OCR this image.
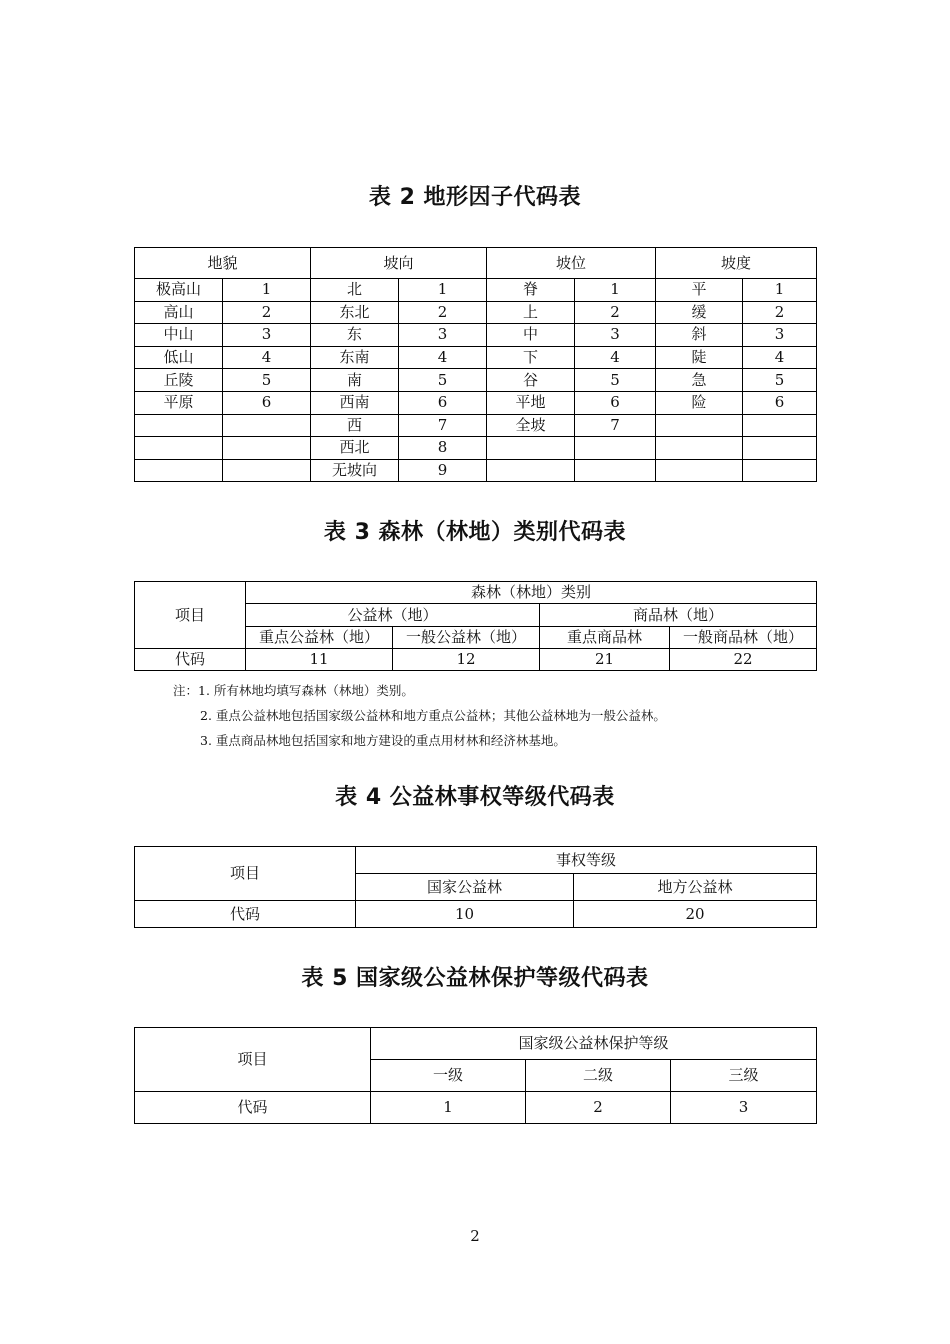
表 2 地形因子代码表
地貌		坡向		坡位		坡度	
极高山	1	北	1	脊	1	平	1
高山	2	东北	2	上	2	缓	2
中山	3	东	3	中	3	斜	3
低山	4	东南	4	下	4	陡	4
丘陵	5	南	5	谷	5	急	5
平原	6	西南	6	平地	6	险	6
		西	7	全坡	7		
		西北	8				
		无坡向	9				
表 3 森林（林地）类别代码表
项目	森林（林地）类别			
	公益林（地）		商品林（地）	
	重点公益林（地）	一般公益林（地）	重点商品林	一般商品林（地）
代码	11	12	21	22
注：1. 所有林地均填写森林（林地）类别。
2. 重点公益林地包括国家级公益林和地方重点公益林；其他公益林地为一般公益林。
3. 重点商品林地包括国家和地方建设的重点用材林和经济林基地。
表 4 公益林事权等级代码表
项目	事权等级	
	国家公益林	地方公益林
代码	10	20
表 5 国家级公益林保护等级代码表
项目	国家级公益林保护等级		
	一级	二级	三级
代码	1	2	3
2
